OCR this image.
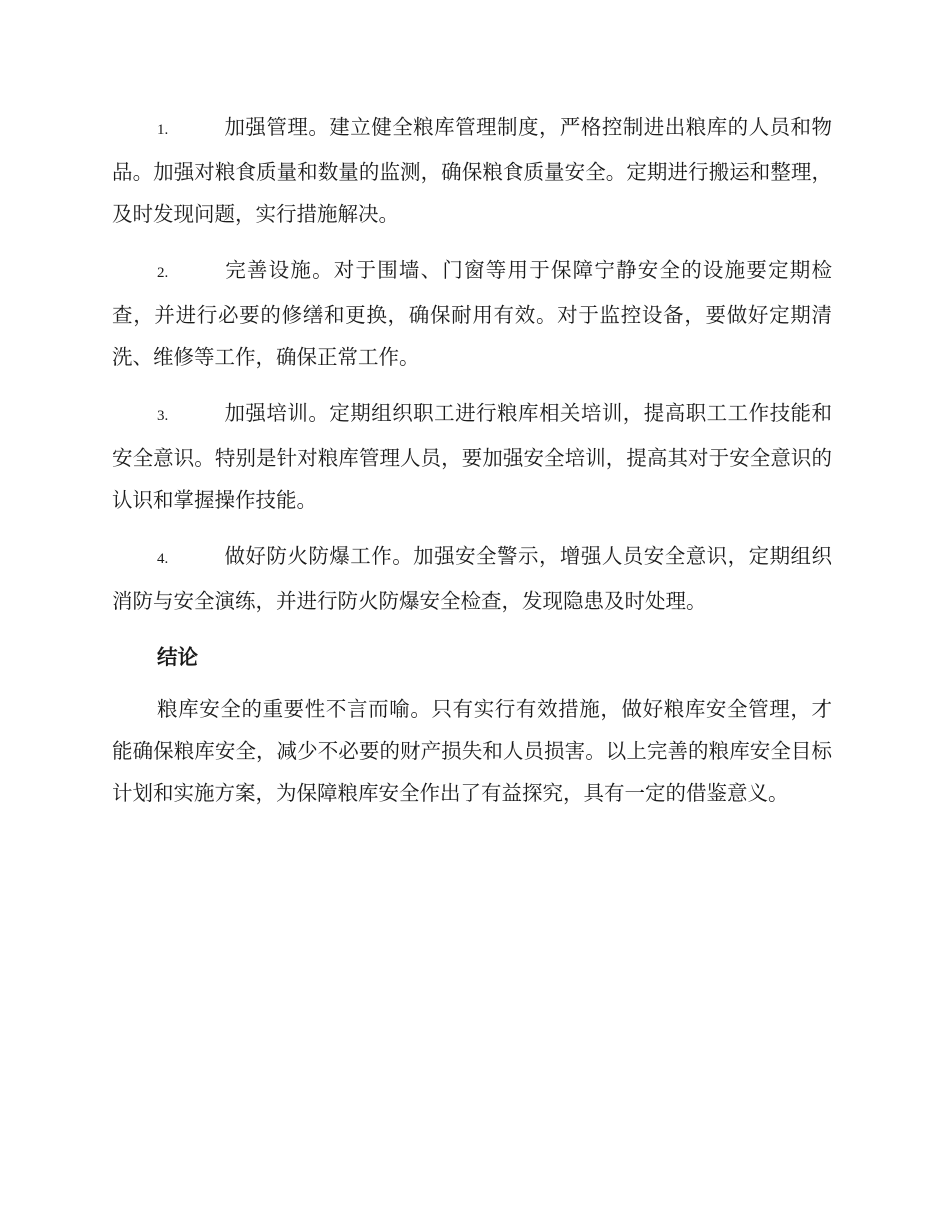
1.	加强管理。建立健全粮库管理制度，严格控制进出粮库的人员和物品。加强对粮食质量和数量的监测，确保粮食质量安全。定期进行搬运和整理，及时发现问题，实行措施解决。

2.	完善设施。对于围墙、门窗等用于保障宁静安全的设施要定期检查，并进行必要的修缮和更换，确保耐用有效。对于监控设备，要做好定期清洗、维修等工作，确保正常工作。

3.	加强培训。定期组织职工进行粮库相关培训，提高职工工作技能和安全意识。特别是针对粮库管理人员，要加强安全培训，提高其对于安全意识的认识和掌握操作技能。

4.	做好防火防爆工作。加强安全警示，增强人员安全意识，定期组织消防与安全演练，并进行防火防爆安全检查，发现隐患及时处理。

结论

粮库安全的重要性不言而喻。只有实行有效措施，做好粮库安全管理，才能确保粮库安全，减少不必要的财产损失和人员损害。以上完善的粮库安全目标计划和实施方案，为保障粮库安全作出了有益探究，具有一定的借鉴意义。
